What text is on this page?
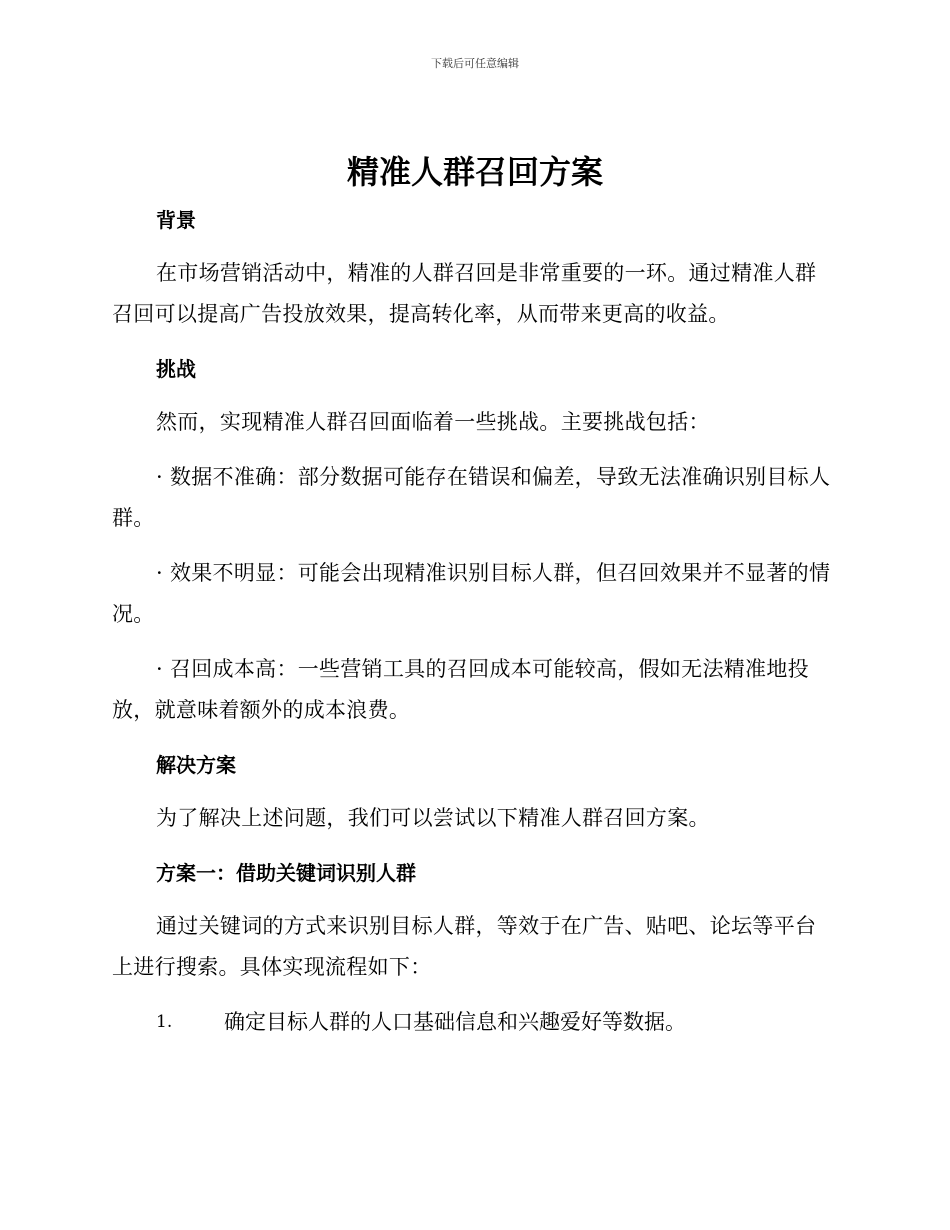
下载后可任意编辑
精准人群召回方案
背景

在市场营销活动中，精准的人群召回是非常重要的一环。通过精准人群召回可以提高广告投放效果，提高转化率，从而带来更高的收益。

挑战

然而，实现精准人群召回面临着一些挑战。主要挑战包括：

· 数据不准确：部分数据可能存在错误和偏差，导致无法准确识别目标人群。

· 效果不明显：可能会出现精准识别目标人群，但召回效果并不显著的情况。

· 召回成本高：一些营销工具的召回成本可能较高，假如无法精准地投放，就意味着额外的成本浪费。

解决方案

为了解决上述问题，我们可以尝试以下精准人群召回方案。

方案一：借助关键词识别人群

通过关键词的方式来识别目标人群，等效于在广告、贴吧、论坛等平台上进行搜索。具体实现流程如下：

1. 确定目标人群的人口基础信息和兴趣爱好等数据。
